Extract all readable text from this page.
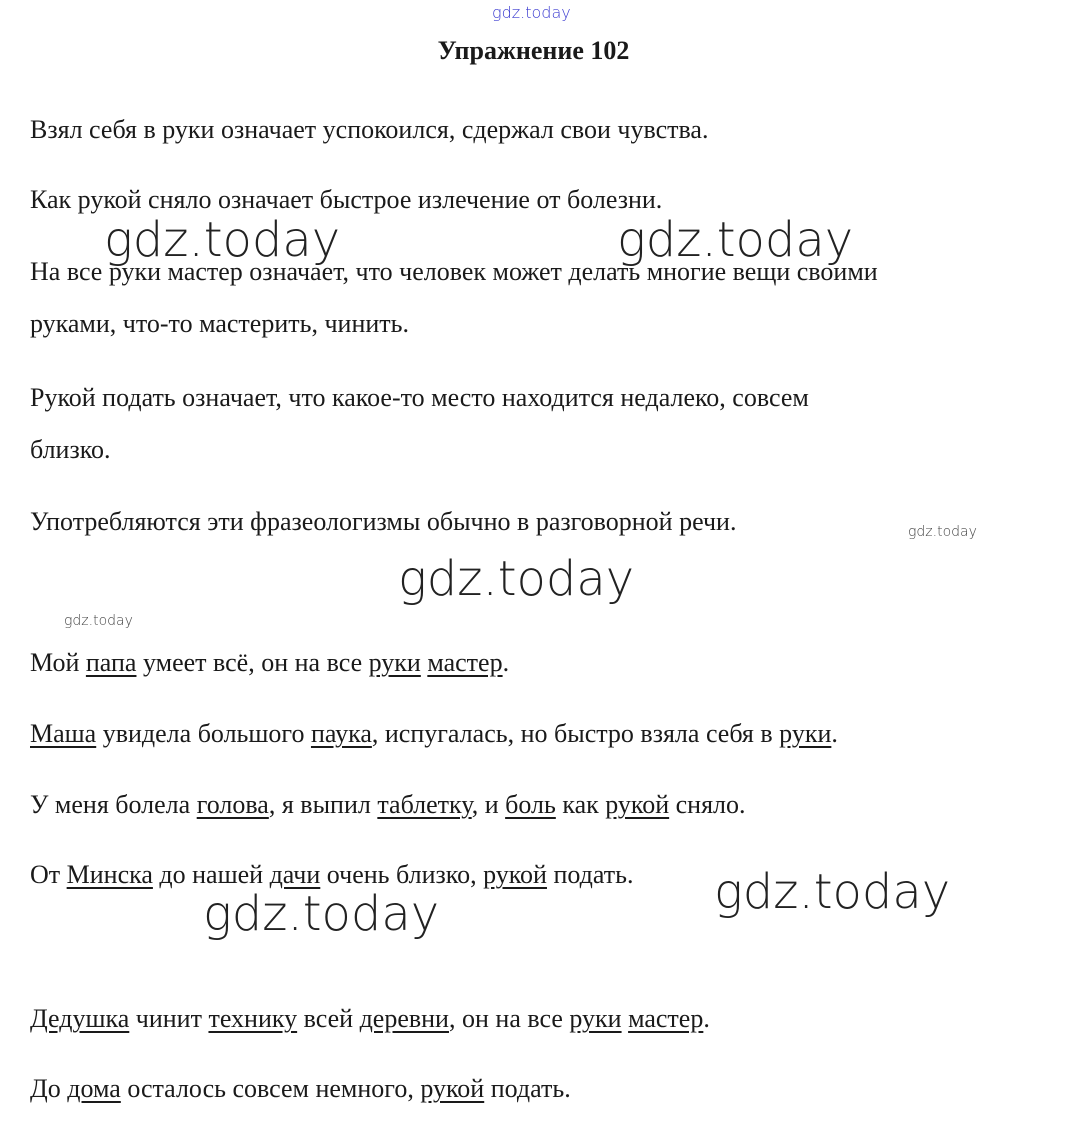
gdz.today
gdz.today	gdz.today
gdz.today
gdz.today
gdz.today
gdz.today
gdz.today
Упражнение 102
Взял себя в руки означает успокоился, сдержал свои чувства.
Как рукой сняло означает быстрое излечение от болезни.
На все руки мастер означает, что человек может делать многие вещи своими
руками, что-то мастерить, чинить.
Рукой подать означает, что какое-то место находится недалеко, совсем
близко.
Употребляются эти фразеологизмы обычно в разговорной речи.
Мой папа умеет всё, он на все руки мастер.
Маша увидела большого паука, испугалась, но быстро взяла себя в руки.
У меня болела голова, я выпил таблетку, и боль как рукой сняло.
От Минска до нашей дачи очень близко, рукой подать.
Дедушка чинит технику всей деревни, он на все руки мастер.
До дома осталось совсем немного, рукой подать.
